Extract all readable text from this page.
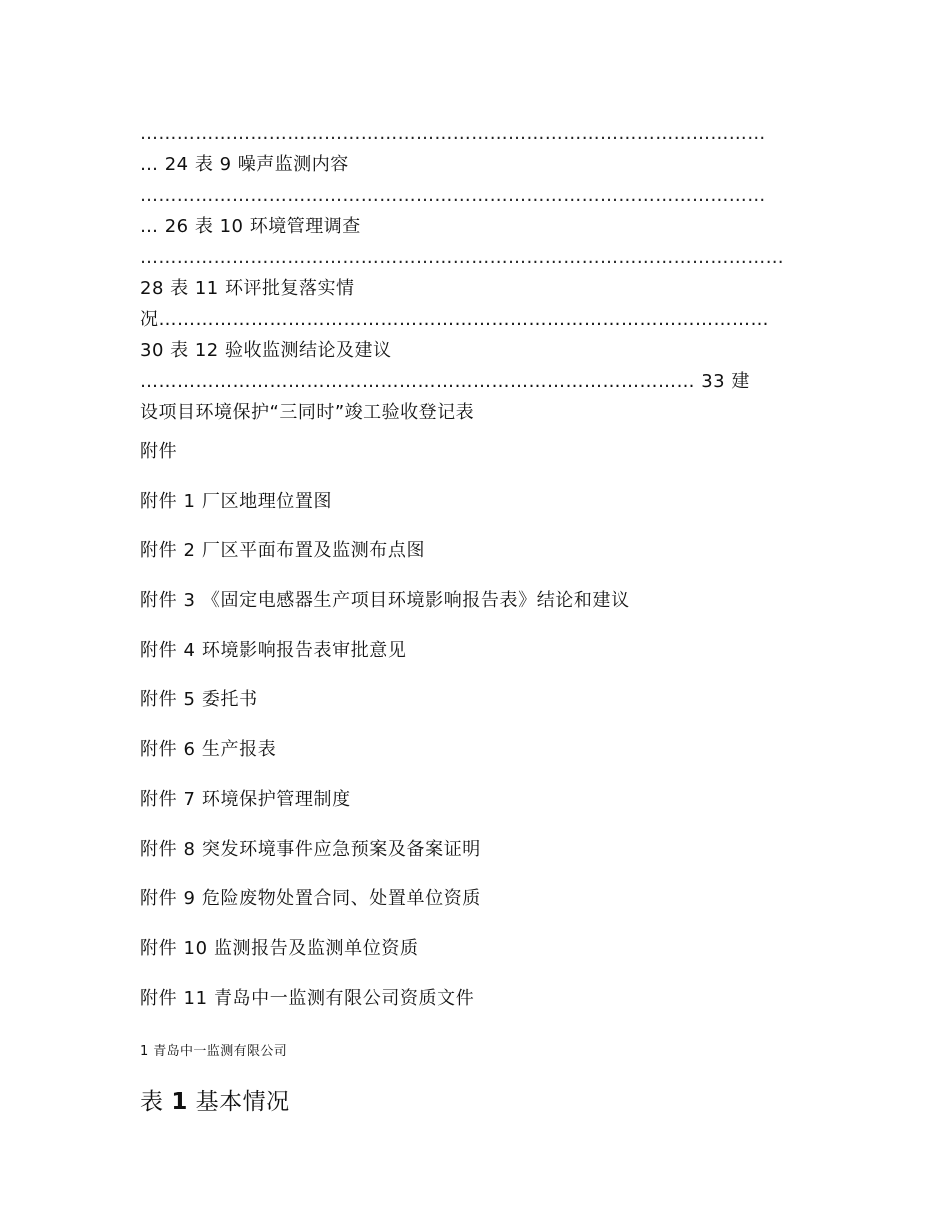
…………………………………………………………………………………………
… 24 表 9 噪声监测内容
…………………………………………………………………………………………
… 26 表 10 环境管理调查
……………………………………………………………………………………………
28 表 11 环评批复落实情
况………………………………………………………………………………………
30 表 12 验收监测结论及建议
……………………………………………………………………………… 33 建
设项目环境保护“三同时”竣工验收登记表
附件
附件 1 厂区地理位置图
附件 2 厂区平面布置及监测布点图
附件 3 《固定电感器生产项目环境影响报告表》结论和建议
附件 4 环境影响报告表审批意见
附件 5 委托书
附件 6 生产报表
附件 7 环境保护管理制度
附件 8 突发环境事件应急预案及备案证明
附件 9 危险废物处置合同、处置单位资质
附件 10 监测报告及监测单位资质
附件 11 青岛中一监测有限公司资质文件
1 青岛中一监测有限公司
表 1 基本情况
